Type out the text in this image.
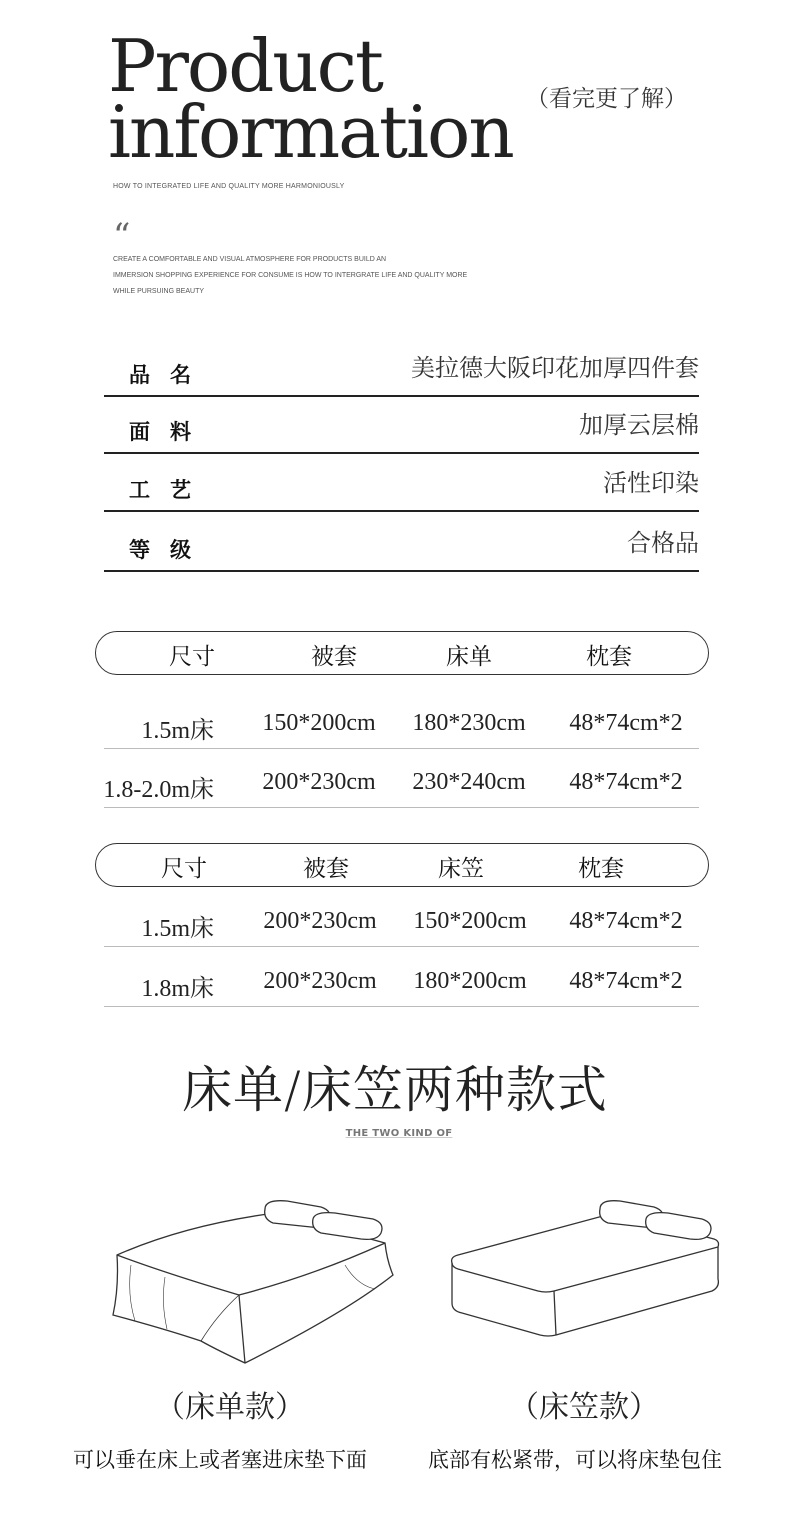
Product
information （看完更了解）
HOW TO INTEGRATED LIFE AND QUALITY MORE HARMONIOUSLY
“
CREATE A COMFORTABLE AND VISUAL ATMOSPHERE FOR PRODUCTS BUILD AN
IMMERSION SHOPPING EXPERIENCE FOR CONSUME IS HOW TO INTERGRATE LIFE AND QUALITY MORE
WHILE PURSUING BEAUTY
品名	美拉德大阪印花加厚四件套
面料	加厚云层棉
工艺	活性印染
等级	合格品
尺寸	被套	床单	枕套
1.5m床	150*200cm	180*230cm	48*74cm*2
1.8-2.0m床	200*230cm	230*240cm	48*74cm*2
尺寸	被套	床笠	枕套
1.5m床	200*230cm	150*200cm	48*74cm*2
1.8m床	200*230cm	180*200cm	48*74cm*2
床单/床笠两种款式
THE TWO KIND OF
（床单款）	（床笠款）
可以垂在床上或者塞进床垫下面	底部有松紧带，可以将床垫包住
